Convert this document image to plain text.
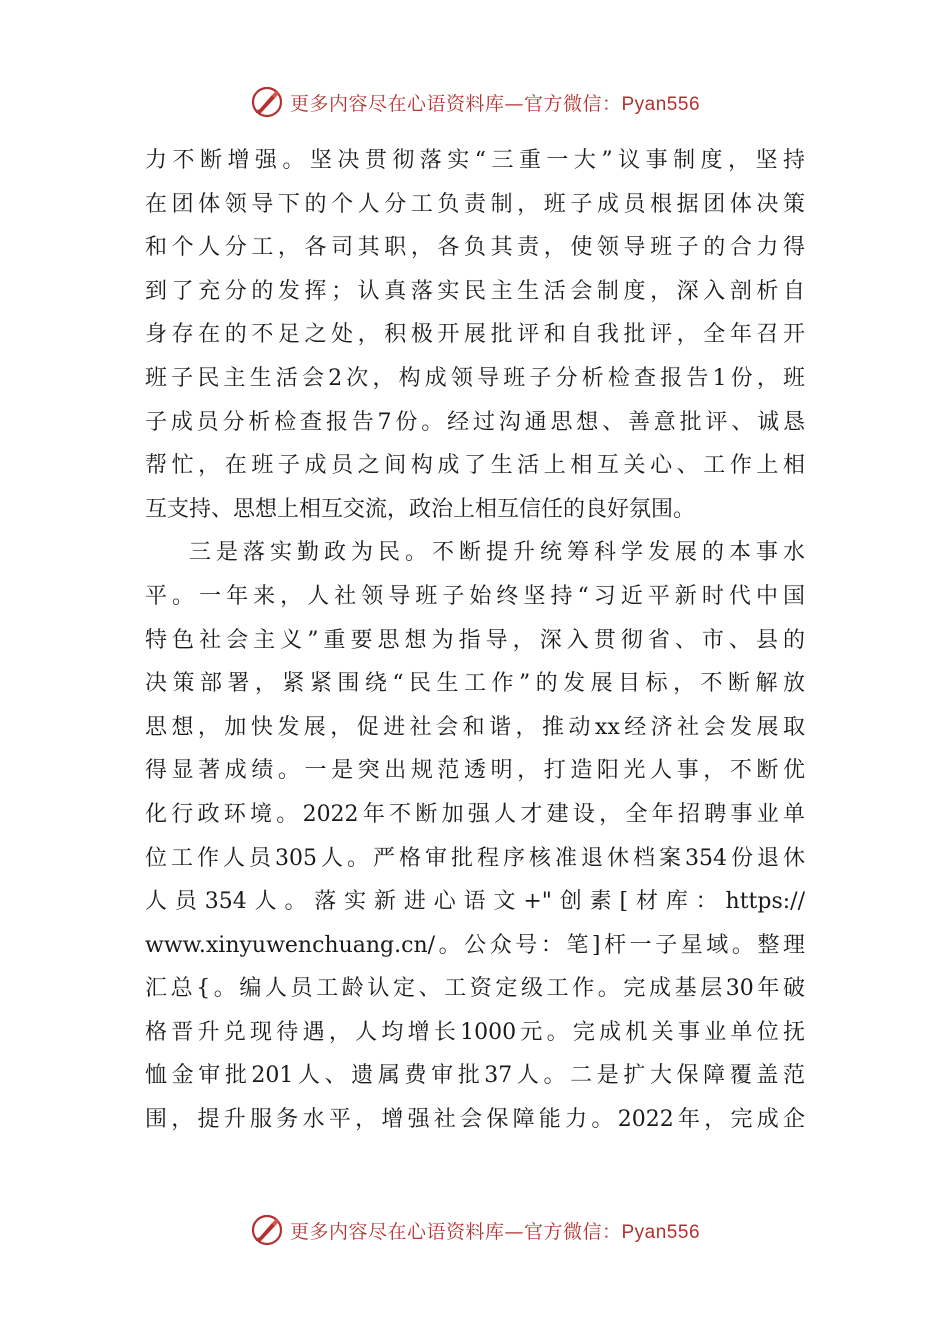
更多内容尽在心语资料库—官方微信：Pyan556
力不断增强。坚决贯彻落实“三重一大”议事制度，坚持
在团体领导下的个人分工负责制，班子成员根据团体决策
和个人分工，各司其职，各负其责，使领导班子的合力得
到了充分的发挥；认真落实民主生活会制度，深入剖析自
身存在的不足之处，积极开展批评和自我批评，全年召开
班子民主生活会2次，构成领导班子分析检查报告1份，班
子成员分析检查报告7份。经过沟通思想、善意批评、诚恳
帮忙，在班子成员之间构成了生活上相互关心、工作上相
互支持、思想上相互交流，政治上相互信任的良好氛围。
三是落实勤政为民。不断提升统筹科学发展的本事水
平。一年来，人社领导班子始终坚持“习近平新时代中国
特色社会主义”重要思想为指导，深入贯彻省、市、县的
决策部署，紧紧围绕“民生工作”的发展目标，不断解放
思想，加快发展，促进社会和谐，推动xx经济社会发展取
得显著成绩。一是突出规范透明，打造阳光人事，不断优
化行政环境。2022年不断加强人才建设，全年招聘事业单
位工作人员305人。严格审批程序核准退休档案354份退休
人员354人。落实新进心语文+"创素[材库：https://
www.xinyuwenchuang.cn/。公众号：笔]杆一子星域。整理
汇总{。编人员工龄认定、工资定级工作。完成基层30年破
格晋升兑现待遇，人均增长1000元。完成机关事业单位抚
恤金审批201人、遗属费审批37人。二是扩大保障覆盖范
围，提升服务水平，增强社会保障能力。2022年，完成企
更多内容尽在心语资料库—官方微信：Pyan556
